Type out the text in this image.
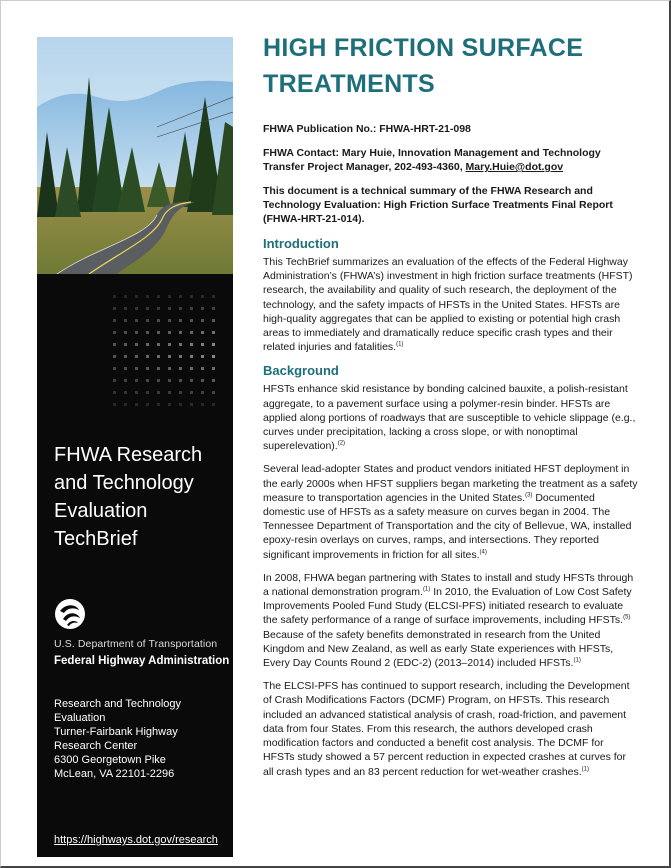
FHWA Research
and Technology
Evaluation
TechBrief
U.S. Department of Transportation
Federal Highway Administration
Research and Technology
Evaluation
Turner-Fairbank Highway
Research Center
6300 Georgetown Pike
McLean, VA 22101-2296
https://highways.dot.gov/research
HIGH FRICTION SURFACE
TREATMENTS
FHWA Publication No.: FHWA-HRT-21-098
FHWA Contact: Mary Huie, Innovation Management and Technology Transfer Project Manager, 202-493-4360, Mary.Huie@dot.gov
This document is a technical summary of the FHWA Research and Technology Evaluation: High Friction Surface Treatments Final Report (FHWA-HRT-21-014).
Introduction

This TechBrief summarizes an evaluation of the effects of the Federal Highway Administration’s (FHWA’s) investment in high friction surface treatments (HFST) research, the availability and quality of such research, the deployment of the technology, and the safety impacts of HFSTs in the United States. HFSTs are high-quality aggregates that can be applied to existing or potential high crash areas to immediately and dramatically reduce specific crash types and their related injuries and fatalities.$^{(1)}$

Background

HFSTs enhance skid resistance by bonding calcined bauxite, a polish-resistant aggregate, to a pavement surface using a polymer-resin binder. HFSTs are applied along portions of roadways that are susceptible to vehicle slippage (e.g., curves under precipitation, lacking a cross slope, or with nonoptimal superelevation).$^{(2)}$

Several lead-adopter States and product vendors initiated HFST deployment in the early 2000s when HFST suppliers began marketing the treatment as a safety measure to transportation agencies in the United States.$^{(3)}$ Documented domestic use of HFSTs as a safety measure on curves began in 2004. The Tennessee Department of Transportation and the city of Bellevue, WA, installed epoxy-resin overlays on curves, ramps, and intersections. They reported significant improvements in friction for all sites.$^{(4)}$

In 2008, FHWA began partnering with States to install and study HFSTs through a national demonstration program.$^{(1)}$ In 2010, the Evaluation of Low Cost Safety Improvements Pooled Fund Study (ELCSI-PFS) initiated research to evaluate the safety performance of a range of surface improvements, including HFSTs.$^{(5)}$ Because of the safety benefits demonstrated in research from the United Kingdom and New Zealand, as well as early State experiences with HFSTs, Every Day Counts Round 2 (EDC-2) (2013–2014) included HFSTs.$^{(1)}$

The ELCSI-PFS has continued to support research, including the Development of Crash Modifications Factors (DCMF) Program, on HFSTs. This research included an advanced statistical analysis of crash, road-friction, and pavement data from four States. From this research, the authors developed crash modification factors and conducted a benefit cost analysis. The DCMF for HFSTs study showed a 57 percent reduction in expected crashes at curves for all crash types and an 83 percent reduction for wet-weather crashes.$^{(1)}$
